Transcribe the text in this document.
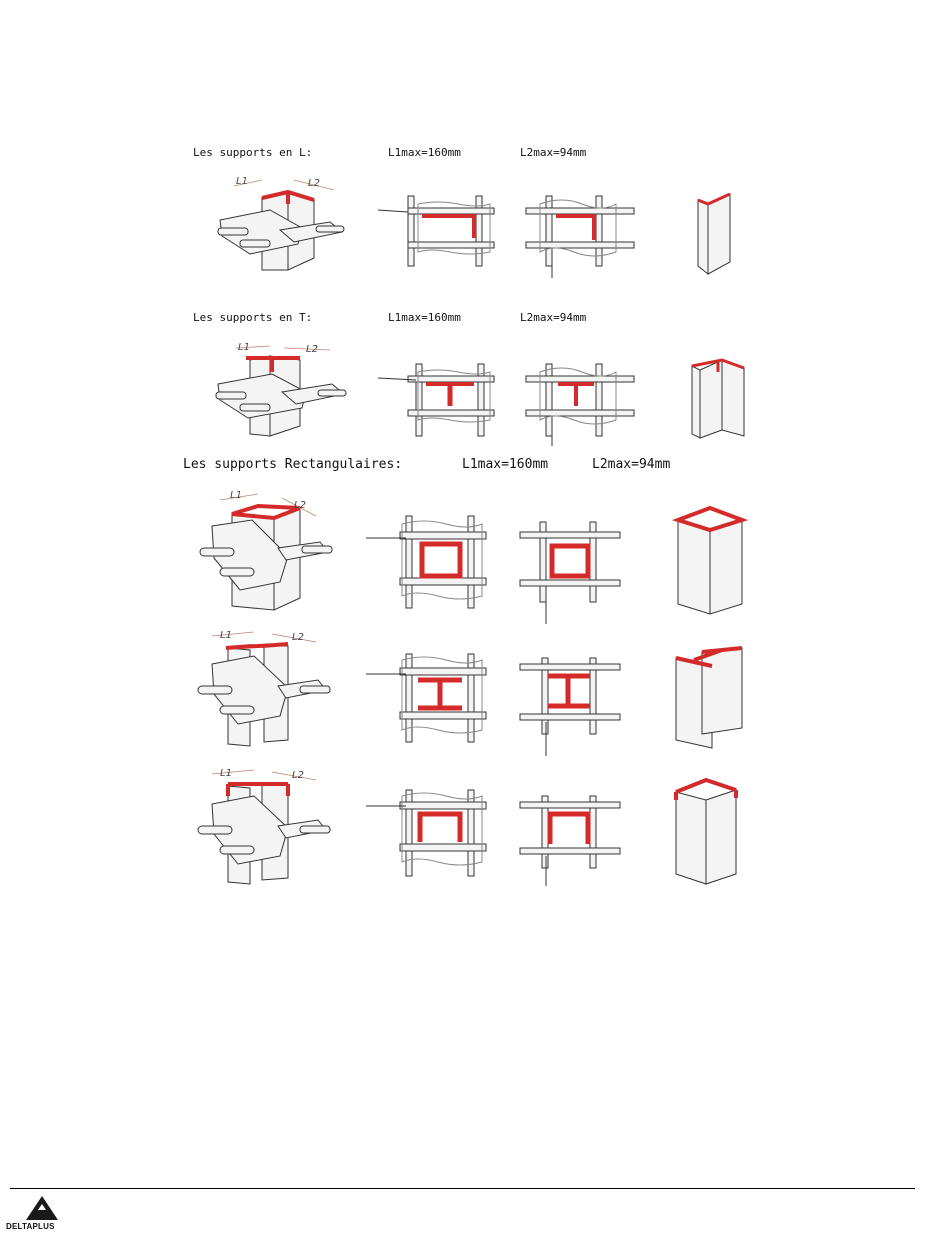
Les supports en L:

	L1max=160mm

	L2max=94mm

Les supports en T:

	L1max=160mm

	L2max=94mm

Les supports Rectangulaires:

	L1max=160mm

	L2max=94mm

L1	L2
L1	L2
L1
L2
L1	L2
L1	L2
DELTAPLUS
